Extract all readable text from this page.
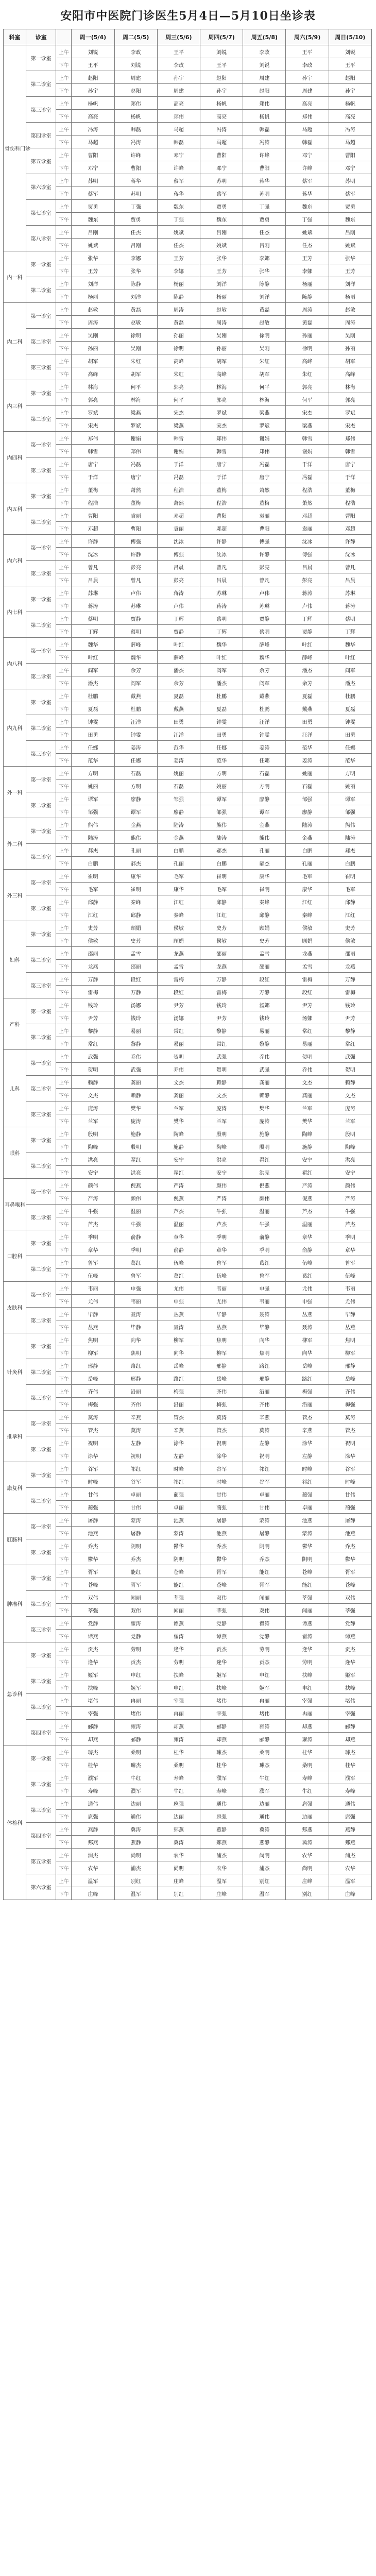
安阳市中医院门诊医生5月4日—5月10日坐诊表
科室	诊室		周一(5/4)	周二(5/5)	周三(5/6)	周四(5/7)	周五(5/8)	周六(5/9)	周日(5/10)
骨伤科门诊	第一诊室	上午	刘锐	李政	王平	刘锐	李政	王平	刘锐
		下午	王平	刘锐	李政	王平	刘锐	李政	王平
	第二诊室	上午	赵阳	周建	孙宇	赵阳	周建	孙宇	赵阳
		下午	孙宇	赵阳	周建	孙宇	赵阳	周建	孙宇
	第三诊室	上午	杨帆	郑伟	高亮	杨帆	郑伟	高亮	杨帆
		下午	高亮	杨帆	郑伟	高亮	杨帆	郑伟	高亮
	第四诊室	上午	冯涛	韩磊	马超	冯涛	韩磊	马超	冯涛
		下午	马超	冯涛	韩磊	马超	冯涛	韩磊	马超
	第五诊室	上午	曹阳	许峰	邓宁	曹阳	许峰	邓宁	曹阳
		下午	邓宁	曹阳	许峰	邓宁	曹阳	许峰	邓宁
	第六诊室	上午	苏明	蒋华	蔡军	苏明	蒋华	蔡军	苏明
		下午	蔡军	苏明	蒋华	蔡军	苏明	蒋华	蔡军
	第七诊室	上午	贾勇	丁强	魏东	贾勇	丁强	魏东	贾勇
		下午	魏东	贾勇	丁强	魏东	贾勇	丁强	魏东
	第八诊室	上午	吕刚	任杰	姚斌	吕刚	任杰	姚斌	吕刚
		下午	姚斌	吕刚	任杰	姚斌	吕刚	任杰	姚斌
内一科	第一诊室	上午	张华	李娜	王芳	张华	李娜	王芳	张华
		下午	王芳	张华	李娜	王芳	张华	李娜	王芳
	第二诊室	上午	刘洋	陈静	杨丽	刘洋	陈静	杨丽	刘洋
		下午	杨丽	刘洋	陈静	杨丽	刘洋	陈静	杨丽
内二科	第一诊室	上午	赵敏	黄磊	周涛	赵敏	黄磊	周涛	赵敏
		下午	周涛	赵敏	黄磊	周涛	赵敏	黄磊	周涛
	第二诊室	上午	吴刚	徐明	孙丽	吴刚	徐明	孙丽	吴刚
		下午	孙丽	吴刚	徐明	孙丽	吴刚	徐明	孙丽
	第三诊室	上午	胡军	朱红	高峰	胡军	朱红	高峰	胡军
		下午	高峰	胡军	朱红	高峰	胡军	朱红	高峰
内三科	第一诊室	上午	林海	何平	郭亮	林海	何平	郭亮	林海
		下午	郭亮	林海	何平	郭亮	林海	何平	郭亮
	第二诊室	上午	罗斌	梁燕	宋杰	罗斌	梁燕	宋杰	罗斌
		下午	宋杰	罗斌	梁燕	宋杰	罗斌	梁燕	宋杰
内四科	第一诊室	上午	郑伟	谢娟	韩雪	郑伟	谢娟	韩雪	郑伟
		下午	韩雪	郑伟	谢娟	韩雪	郑伟	谢娟	韩雪
	第二诊室	上午	唐宁	冯磊	于洋	唐宁	冯磊	于洋	唐宁
		下午	于洋	唐宁	冯磊	于洋	唐宁	冯磊	于洋
内五科	第一诊室	上午	董梅	萧然	程浩	董梅	萧然	程浩	董梅
		下午	程浩	董梅	萧然	程浩	董梅	萧然	程浩
	第二诊室	上午	曹阳	袁丽	邓超	曹阳	袁丽	邓超	曹阳
		下午	邓超	曹阳	袁丽	邓超	曹阳	袁丽	邓超
内六科	第一诊室	上午	许静	傅强	沈冰	许静	傅强	沈冰	许静
		下午	沈冰	许静	傅强	沈冰	许静	傅强	沈冰
	第二诊室	上午	曾凡	彭亮	吕晨	曾凡	彭亮	吕晨	曾凡
		下午	吕晨	曾凡	彭亮	吕晨	曾凡	彭亮	吕晨
内七科	第一诊室	上午	苏琳	卢伟	蒋涛	苏琳	卢伟	蒋涛	苏琳
		下午	蒋涛	苏琳	卢伟	蒋涛	苏琳	卢伟	蒋涛
	第二诊室	上午	蔡明	贾静	丁辉	蔡明	贾静	丁辉	蔡明
		下午	丁辉	蔡明	贾静	丁辉	蔡明	贾静	丁辉
内八科	第一诊室	上午	魏华	薛峰	叶红	魏华	薛峰	叶红	魏华
		下午	叶红	魏华	薛峰	叶红	魏华	薛峰	叶红
	第二诊室	上午	阎军	余芳	潘杰	阎军	余芳	潘杰	阎军
		下午	潘杰	阎军	余芳	潘杰	阎军	余芳	潘杰
内九科	第一诊室	上午	杜鹏	戴燕	夏磊	杜鹏	戴燕	夏磊	杜鹏
		下午	夏磊	杜鹏	戴燕	夏磊	杜鹏	戴燕	夏磊
	第二诊室	上午	钟雯	汪洋	田勇	钟雯	汪洋	田勇	钟雯
		下午	田勇	钟雯	汪洋	田勇	钟雯	汪洋	田勇
	第三诊室	上午	任娜	姜涛	范华	任娜	姜涛	范华	任娜
		下午	范华	任娜	姜涛	范华	任娜	姜涛	范华
外一科	第一诊室	上午	方明	石磊	姚丽	方明	石磊	姚丽	方明
		下午	姚丽	方明	石磊	姚丽	方明	石磊	姚丽
	第二诊室	上午	谭军	廖静	邹强	谭军	廖静	邹强	谭军
		下午	邹强	谭军	廖静	邹强	谭军	廖静	邹强
外二科	第一诊室	上午	熊伟	金燕	陆涛	熊伟	金燕	陆涛	熊伟
		下午	陆涛	熊伟	金燕	陆涛	熊伟	金燕	陆涛
	第二诊室	上午	郝杰	孔丽	白鹏	郝杰	孔丽	白鹏	郝杰
		下午	白鹏	郝杰	孔丽	白鹏	郝杰	孔丽	白鹏
外三科	第一诊室	上午	崔明	康华	毛军	崔明	康华	毛军	崔明
		下午	毛军	崔明	康华	毛军	崔明	康华	毛军
	第二诊室	上午	邱静	秦峰	江红	邱静	秦峰	江红	邱静
		下午	江红	邱静	秦峰	江红	邱静	秦峰	江红
妇科	第一诊室	上午	史芳	顾娟	侯敏	史芳	顾娟	侯敏	史芳
		下午	侯敏	史芳	顾娟	侯敏	史芳	顾娟	侯敏
	第二诊室	上午	邵丽	孟雪	龙燕	邵丽	孟雪	龙燕	邵丽
		下午	龙燕	邵丽	孟雪	龙燕	邵丽	孟雪	龙燕
	第三诊室	上午	万静	段红	雷梅	万静	段红	雷梅	万静
		下午	雷梅	万静	段红	雷梅	万静	段红	雷梅
产科	第一诊室	上午	钱玲	汤娜	尹芳	钱玲	汤娜	尹芳	钱玲
		下午	尹芳	钱玲	汤娜	尹芳	钱玲	汤娜	尹芳
	第二诊室	上午	黎静	易丽	常红	黎静	易丽	常红	黎静
		下午	常红	黎静	易丽	常红	黎静	易丽	常红
儿科	第一诊室	上午	武强	乔伟	贺明	武强	乔伟	贺明	武强
		下午	贺明	武强	乔伟	贺明	武强	乔伟	贺明
	第二诊室	上午	赖静	龚丽	文杰	赖静	龚丽	文杰	赖静
		下午	文杰	赖静	龚丽	文杰	赖静	龚丽	文杰
	第三诊室	上午	庞涛	樊华	兰军	庞涛	樊华	兰军	庞涛
		下午	兰军	庞涛	樊华	兰军	庞涛	樊华	兰军
眼科	第一诊室	上午	殷明	施静	陶峰	殷明	施静	陶峰	殷明
		下午	陶峰	殷明	施静	陶峰	殷明	施静	陶峰
	第二诊室	上午	洪亮	翟红	安宁	洪亮	翟红	安宁	洪亮
		下午	安宁	洪亮	翟红	安宁	洪亮	翟红	安宁
耳鼻喉科	第一诊室	上午	颜伟	倪燕	严涛	颜伟	倪燕	严涛	颜伟
		下午	严涛	颜伟	倪燕	严涛	颜伟	倪燕	严涛
	第二诊室	上午	牛强	温丽	芦杰	牛强	温丽	芦杰	牛强
		下午	芦杰	牛强	温丽	芦杰	牛强	温丽	芦杰
口腔科	第一诊室	上午	季明	俞静	章华	季明	俞静	章华	季明
		下午	章华	季明	俞静	章华	季明	俞静	章华
	第二诊室	上午	鲁军	葛红	伍峰	鲁军	葛红	伍峰	鲁军
		下午	伍峰	鲁军	葛红	伍峰	鲁军	葛红	伍峰
皮肤科	第一诊室	上午	韦丽	申强	尤伟	韦丽	申强	尤伟	韦丽
		下午	尤伟	韦丽	申强	尤伟	韦丽	申强	尤伟
	第二诊室	上午	毕静	聂涛	丛燕	毕静	聂涛	丛燕	毕静
		下午	丛燕	毕静	聂涛	丛燕	毕静	聂涛	丛燕
针灸科	第一诊室	上午	焦明	向华	柳军	焦明	向华	柳军	焦明
		下午	柳军	焦明	向华	柳军	焦明	向华	柳军
	第二诊室	上午	邢静	路红	岳峰	邢静	路红	岳峰	邢静
		下午	岳峰	邢静	路红	岳峰	邢静	路红	岳峰
	第三诊室	上午	齐伟	沿丽	梅强	齐伟	沿丽	梅强	齐伟
		下午	梅强	齐伟	沿丽	梅强	齐伟	沿丽	梅强
推拿科	第一诊室	上午	莫涛	辛燕	管杰	莫涛	辛燕	管杰	莫涛
		下午	管杰	莫涛	辛燕	管杰	莫涛	辛燕	管杰
	第二诊室	上午	祝明	左静	涂华	祝明	左静	涂华	祝明
		下午	涂华	祝明	左静	涂华	祝明	左静	涂华
康复科	第一诊室	上午	谷军	祁红	时峰	谷军	祁红	时峰	谷军
		下午	时峰	谷军	祁红	时峰	谷军	祁红	时峰
	第二诊室	上午	甘伟	卓丽	蔺强	甘伟	卓丽	蔺强	甘伟
		下午	蔺强	甘伟	卓丽	蔺强	甘伟	卓丽	蔺强
肛肠科	第一诊室	上午	屠静	蒙涛	池燕	屠静	蒙涛	池燕	屠静
		下午	池燕	屠静	蒙涛	池燕	屠静	蒙涛	池燕
	第二诊室	上午	乔杰	阴明	鬱华	乔杰	阴明	鬱华	乔杰
		下午	鬱华	乔杰	阴明	鬱华	乔杰	阴明	鬱华
肿瘤科	第一诊室	上午	胥军	能红	苍峰	胥军	能红	苍峰	胥军
		下午	苍峰	胥军	能红	苍峰	胥军	能红	苍峰
	第二诊室	上午	双伟	闻丽	莘强	双伟	闻丽	莘强	双伟
		下午	莘强	双伟	闻丽	莘强	双伟	闻丽	莘强
	第三诊室	上午	党静	翟涛	谭燕	党静	翟涛	谭燕	党静
		下午	谭燕	党静	翟涛	谭燕	党静	翟涛	谭燕
急诊科	第一诊室	上午	贡杰	劳明	逄华	贡杰	劳明	逄华	贡杰
		下午	逄华	贡杰	劳明	逄华	贡杰	劳明	逄华
	第二诊室	上午	姬军	申红	扶峰	姬军	申红	扶峰	姬军
		下午	扶峰	姬军	申红	扶峰	姬军	申红	扶峰
	第三诊室	上午	堵伟	冉丽	宰强	堵伟	冉丽	宰强	堵伟
		下午	宰强	堵伟	冉丽	宰强	堵伟	冉丽	宰强
	第四诊室	上午	郦静	雍涛	却燕	郦静	雍涛	却燕	郦静
		下午	却燕	郦静	雍涛	却燕	郦静	雍涛	却燕
体检科	第一诊室	上午	璩杰	桑明	桂华	璩杰	桑明	桂华	璩杰
		下午	桂华	璩杰	桑明	桂华	璩杰	桑明	桂华
	第二诊室	上午	濮军	牛红	寿峰	濮军	牛红	寿峰	濮军
		下午	寿峰	濮军	牛红	寿峰	濮军	牛红	寿峰
	第三诊室	上午	通伟	边丽	扈强	通伟	边丽	扈强	通伟
		下午	扈强	通伟	边丽	扈强	通伟	边丽	扈强
	第四诊室	上午	燕静	冀涛	郏燕	燕静	冀涛	郏燕	燕静
		下午	郏燕	燕静	冀涛	郏燕	燕静	冀涛	郏燕
	第五诊室	上午	浦杰	尚明	农华	浦杰	尚明	农华	浦杰
		下午	农华	浦杰	尚明	农华	浦杰	尚明	农华
	第六诊室	上午	温军	别红	庄峰	温军	别红	庄峰	温军
		下午	庄峰	温军	别红	庄峰	温军	别红	庄峰
